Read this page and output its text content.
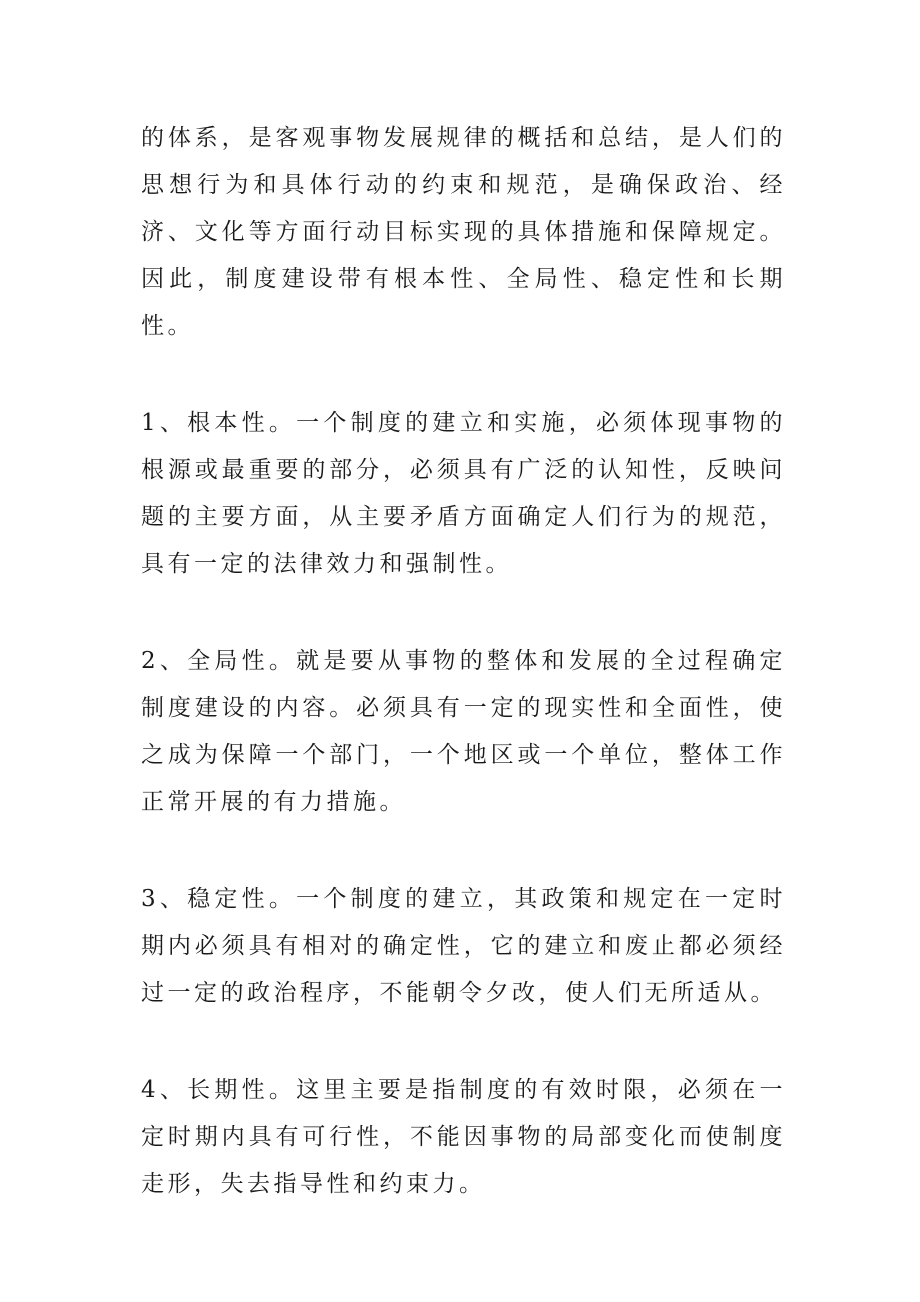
的体系，是客观事物发展规律的概括和总结，是人们的思想行为和具体行动的约束和规范，是确保政治、经济、文化等方面行动目标实现的具体措施和保障规定。因此，制度建设带有根本性、全局性、稳定性和长期性。

1、根本性。一个制度的建立和实施，必须体现事物的根源或最重要的部分，必须具有广泛的认知性，反映问题的主要方面，从主要矛盾方面确定人们行为的规范，具有一定的法律效力和强制性。

2、全局性。就是要从事物的整体和发展的全过程确定制度建设的内容。必须具有一定的现实性和全面性，使之成为保障一个部门，一个地区或一个单位，整体工作正常开展的有力措施。

3、稳定性。一个制度的建立，其政策和规定在一定时期内必须具有相对的确定性，它的建立和废止都必须经过一定的政治程序，不能朝令夕改，使人们无所适从。

4、长期性。这里主要是指制度的有效时限，必须在一定时期内具有可行性，不能因事物的局部变化而使制度走形，失去指导性和约束力。
